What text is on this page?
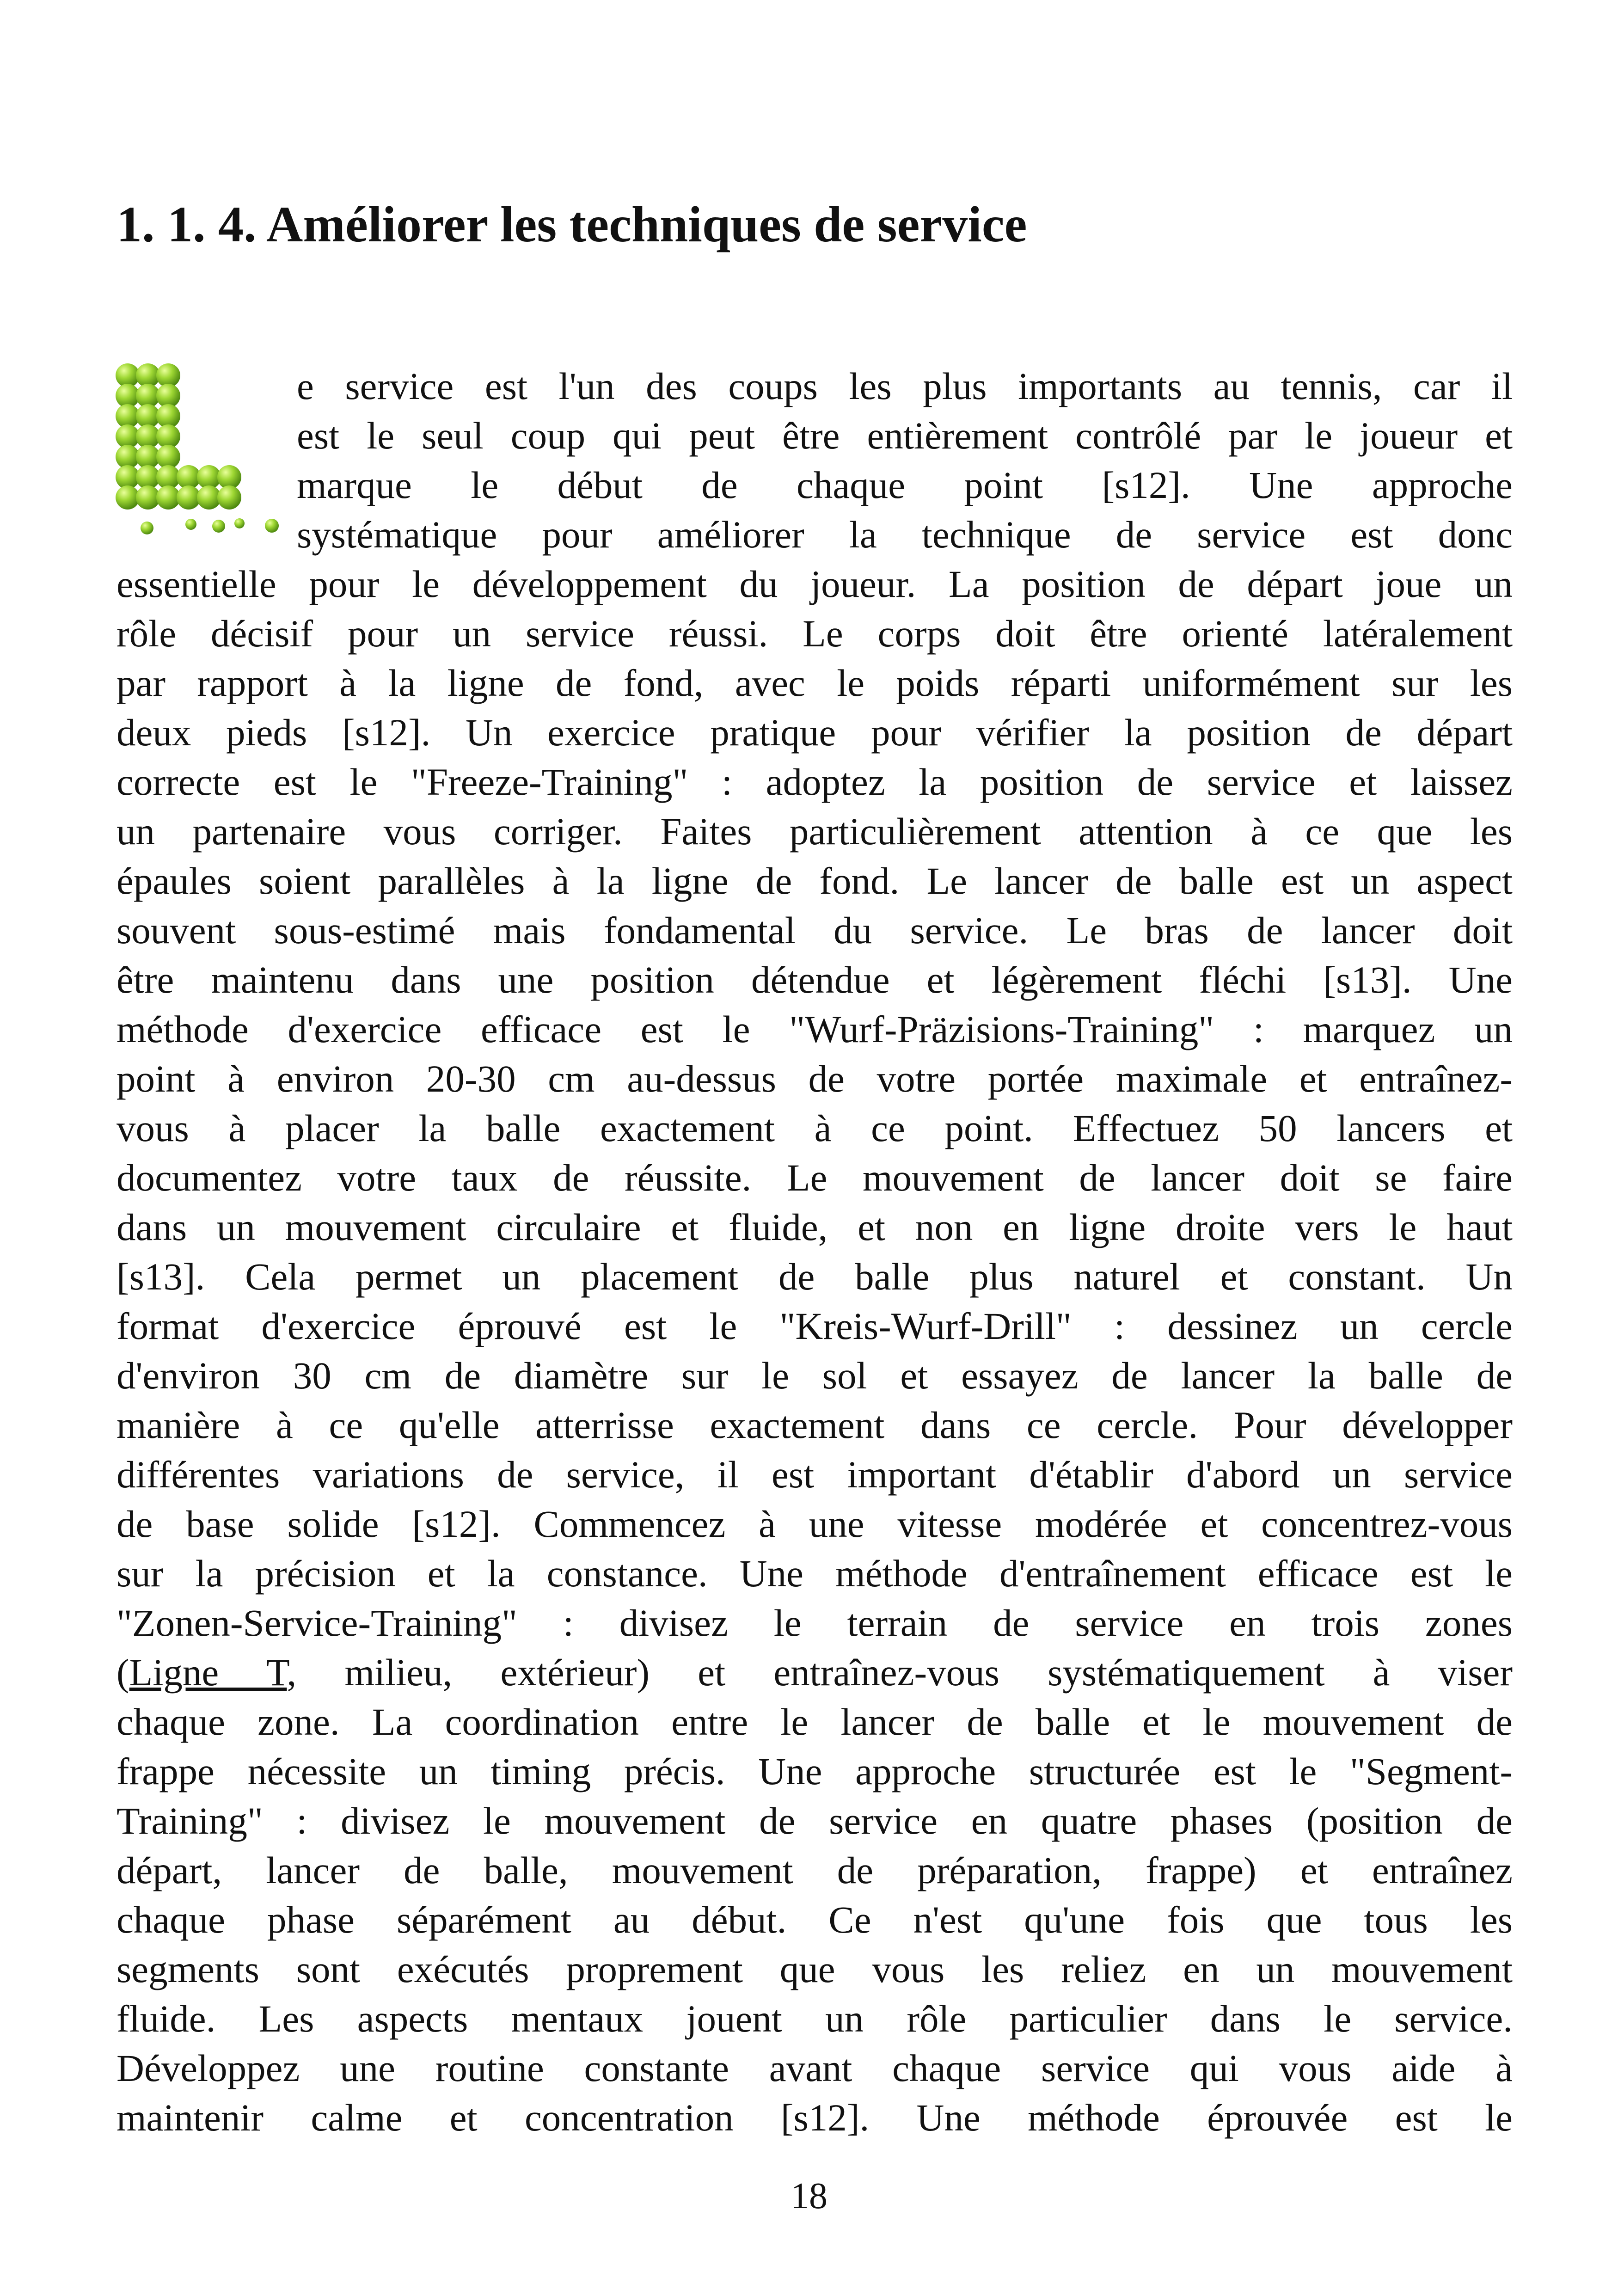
1. 1. 4. Améliorer les techniques de service
e service est l'un des coups les plus importants au tennis, car il
est le seul coup qui peut être entièrement contrôlé par le joueur et
marque le début de chaque point [s12]. Une approche
systématique pour améliorer la technique de service est donc
essentielle pour le développement du joueur. La position de départ joue un
rôle décisif pour un service réussi. Le corps doit être orienté latéralement
par rapport à la ligne de fond, avec le poids réparti uniformément sur les
deux pieds [s12]. Un exercice pratique pour vérifier la position de départ
correcte est le "Freeze-Training" : adoptez la position de service et laissez
un partenaire vous corriger. Faites particulièrement attention à ce que les
épaules soient parallèles à la ligne de fond. Le lancer de balle est un aspect
souvent sous-estimé mais fondamental du service. Le bras de lancer doit
être maintenu dans une position détendue et légèrement fléchi [s13]. Une
méthode d'exercice efficace est le "Wurf-Präzisions-Training" : marquez un
point à environ 20-30 cm au-dessus de votre portée maximale et entraînez-
vous à placer la balle exactement à ce point. Effectuez 50 lancers et
documentez votre taux de réussite. Le mouvement de lancer doit se faire
dans un mouvement circulaire et fluide, et non en ligne droite vers le haut
[s13]. Cela permet un placement de balle plus naturel et constant. Un
format d'exercice éprouvé est le "Kreis-Wurf-Drill" : dessinez un cercle
d'environ 30 cm de diamètre sur le sol et essayez de lancer la balle de
manière à ce qu'elle atterrisse exactement dans ce cercle. Pour développer
différentes variations de service, il est important d'établir d'abord un service
de base solide [s12]. Commencez à une vitesse modérée et concentrez-vous
sur la précision et la constance. Une méthode d'entraînement efficace est le
"Zonen-Service-Training" : divisez le terrain de service en trois zones
(Ligne T, milieu, extérieur) et entraînez-vous systématiquement à viser
chaque zone. La coordination entre le lancer de balle et le mouvement de
frappe nécessite un timing précis. Une approche structurée est le "Segment-
Training" : divisez le mouvement de service en quatre phases (position de
départ, lancer de balle, mouvement de préparation, frappe) et entraînez
chaque phase séparément au début. Ce n'est qu'une fois que tous les
segments sont exécutés proprement que vous les reliez en un mouvement
fluide. Les aspects mentaux jouent un rôle particulier dans le service.
Développez une routine constante avant chaque service qui vous aide à
maintenir calme et concentration [s12]. Une méthode éprouvée est le
18
